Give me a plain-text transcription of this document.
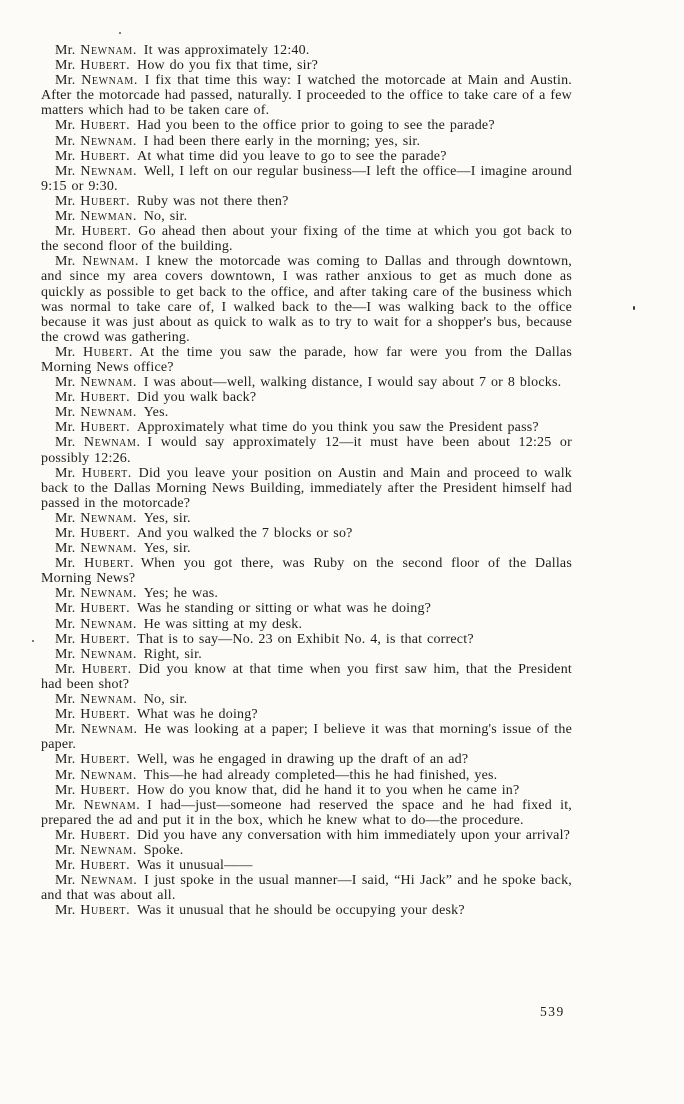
Mr. Newnam. It was approximately 12:40.

Mr. Hubert. How do you fix that time, sir?

Mr. Newnam. I fix that time this way: I watched the motorcade at Main and Austin. After the motorcade had passed, naturally. I proceeded to the office to take care of a few matters which had to be taken care of.

Mr. Hubert. Had you been to the office prior to going to see the parade?

Mr. Newnam. I had been there early in the morning; yes, sir.

Mr. Hubert. At what time did you leave to go to see the parade?

Mr. Newnam. Well, I left on our regular business—I left the office—I imagine around 9:15 or 9:30.

Mr. Hubert. Ruby was not there then?

Mr. Newman. No, sir.

Mr. Hubert. Go ahead then about your fixing of the time at which you got back to the second floor of the building.

Mr. Newnam. I knew the motorcade was coming to Dallas and through downtown, and since my area covers downtown, I was rather anxious to get as much done as quickly as possible to get back to the office, and after taking care of the business which was normal to take care of, I walked back to the—I was walking back to the office because it was just about as quick to walk as to try to wait for a shopper's bus, because the crowd was gathering.

Mr. Hubert. At the time you saw the parade, how far were you from the Dallas Morning News office?

Mr. Newnam. I was about—well, walking distance, I would say about 7 or 8 blocks.

Mr. Hubert. Did you walk back?

Mr. Newnam. Yes.

Mr. Hubert. Approximately what time do you think you saw the President pass?

Mr. Newnam. I would say approximately 12—it must have been about 12:25 or possibly 12:26.

Mr. Hubert. Did you leave your position on Austin and Main and proceed to walk back to the Dallas Morning News Building, immediately after the President himself had passed in the motorcade?

Mr. Newnam. Yes, sir.

Mr. Hubert. And you walked the 7 blocks or so?

Mr. Newnam. Yes, sir.

Mr. Hubert. When you got there, was Ruby on the second floor of the Dallas Morning News?

Mr. Newnam. Yes; he was.

Mr. Hubert. Was he standing or sitting or what was he doing?

Mr. Newnam. He was sitting at my desk.

Mr. Hubert. That is to say—No. 23 on Exhibit No. 4, is that correct?

Mr. Newnam. Right, sir.

Mr. Hubert. Did you know at that time when you first saw him, that the President had been shot?

Mr. Newnam. No, sir.

Mr. Hubert. What was he doing?

Mr. Newnam. He was looking at a paper; I believe it was that morning's issue of the paper.

Mr. Hubert. Well, was he engaged in drawing up the draft of an ad?

Mr. Newnam. This—he had already completed—this he had finished, yes.

Mr. Hubert. How do you know that, did he hand it to you when he came in?

Mr. Newnam. I had—just—someone had reserved the space and he had fixed it, prepared the ad and put it in the box, which he knew what to do—the procedure.

Mr. Hubert. Did you have any conversation with him immediately upon your arrival?

Mr. Newnam. Spoke.

Mr. Hubert. Was it unusual——

Mr. Newnam. I just spoke in the usual manner—I said, “Hi Jack” and he spoke back, and that was about all.

Mr. Hubert. Was it unusual that he should be occupying your desk?

539
